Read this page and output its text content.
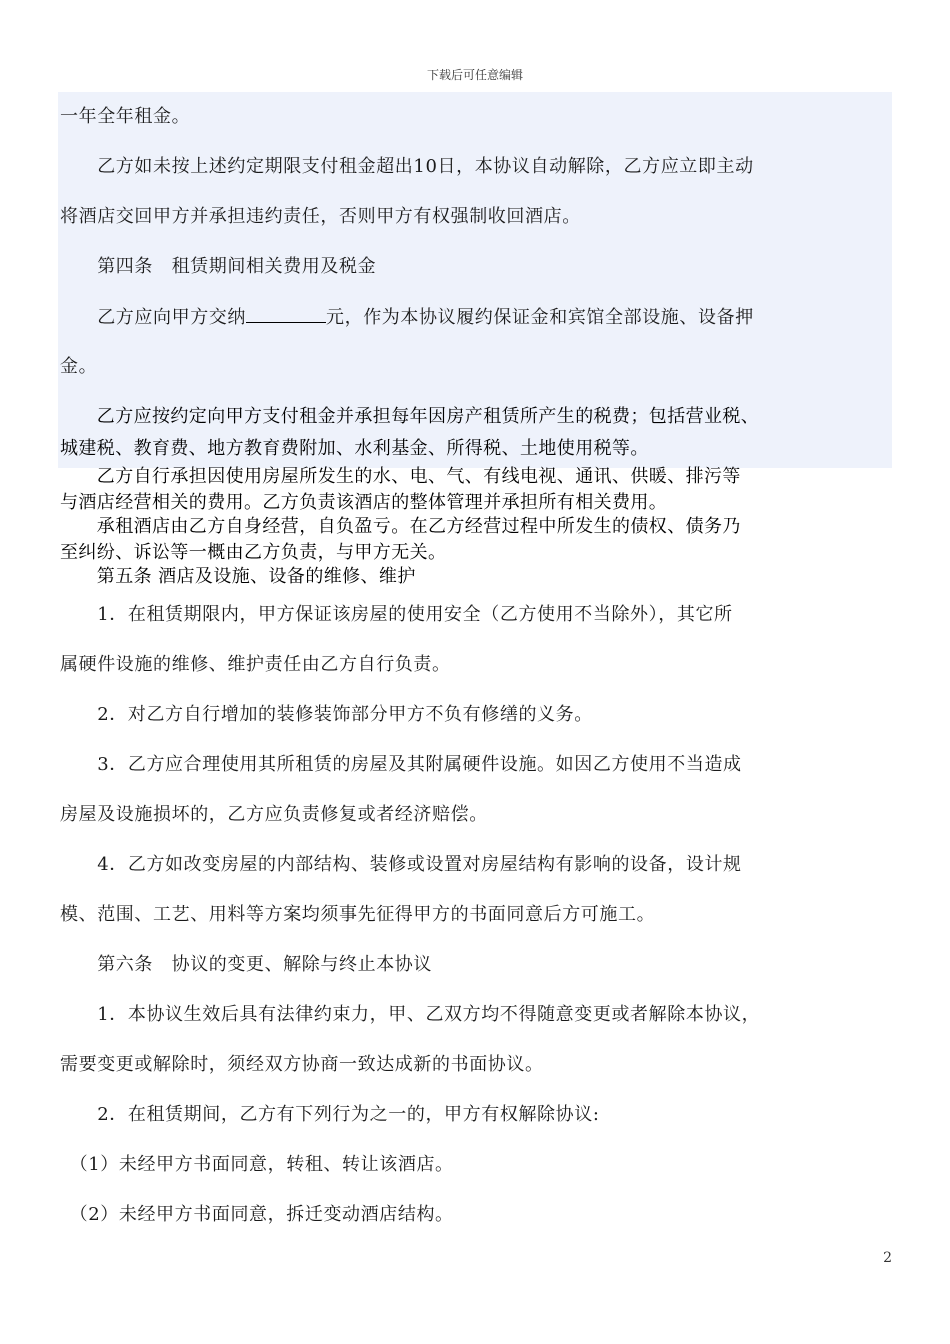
下载后可任意编辑
一年全年租金。
　　乙方如未按上述约定期限支付租金超出10日，本协议自动解除，乙方应立即主动
将酒店交回甲方并承担违约责任，否则甲方有权强制收回酒店。
　　第四条　租赁期间相关费用及税金
　　乙方应向甲方交纳	元，作为本协议履约保证金和宾馆全部设施、设备押
金。
　　乙方应按约定向甲方支付租金并承担每年因房产租赁所产生的税费；包括营业税、
城建税、教育费、地方教育费附加、水利基金、所得税、土地使用税等。
　　乙方自行承担因使用房屋所发生的水、电、气、有线电视、通讯、供暖、排污等
与酒店经营相关的费用。乙方负责该酒店的整体管理并承担所有相关费用。
　　承租酒店由乙方自身经营，自负盈亏。在乙方经营过程中所发生的债权、债务乃
至纠纷、诉讼等一概由乙方负责，与甲方无关。
　　第五条 酒店及设施、设备的维修、维护
　　1．在租赁期限内，甲方保证该房屋的使用安全（乙方使用不当除外），其它所
属硬件设施的维修、维护责任由乙方自行负责。
　　2．对乙方自行增加的装修装饰部分甲方不负有修缮的义务。
　　3．乙方应合理使用其所租赁的房屋及其附属硬件设施。如因乙方使用不当造成
房屋及设施损坏的，乙方应负责修复或者经济赔偿。
　　4．乙方如改变房屋的内部结构、装修或设置对房屋结构有影响的设备，设计规
模、范围、工艺、用料等方案均须事先征得甲方的书面同意后方可施工。
　　第六条　协议的变更、解除与终止本协议
　　1．本协议生效后具有法律约束力，甲、乙双方均不得随意变更或者解除本协议，
需要变更或解除时，须经双方协商一致达成新的书面协议。
　　2．在租赁期间，乙方有下列行为之一的，甲方有权解除协议:
　（1）未经甲方书面同意，转租、转让该酒店。
　（2）未经甲方书面同意，拆迁变动酒店结构。
2
